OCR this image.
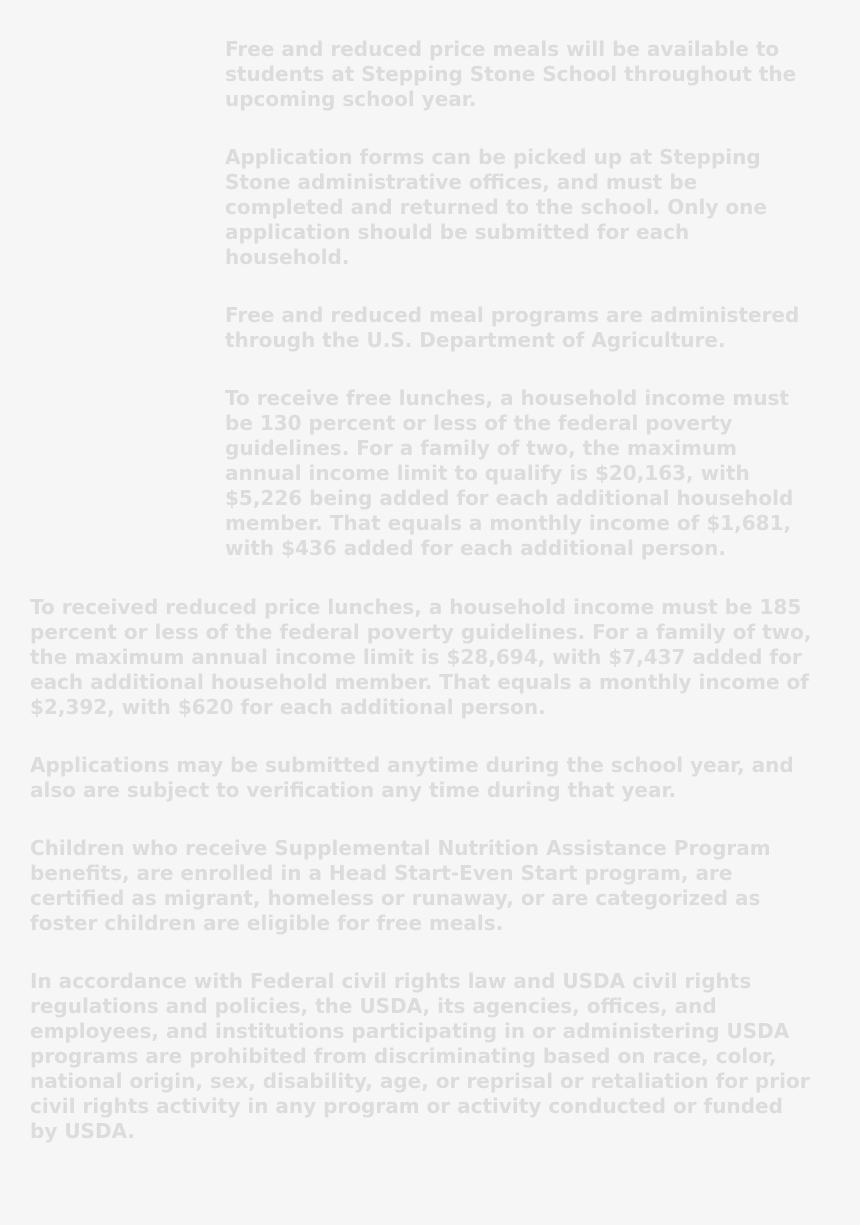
Free and reduced price meals will be available to
students at Stepping Stone School throughout the
upcoming school year.

Application forms can be picked up at Stepping
Stone administrative offices, and must be
completed and returned to the school. Only one
application should be submitted for each
household.

Free and reduced meal programs are administered
through the U.S. Department of Agriculture.

To receive free lunches, a household income must
be 130 percent or less of the federal poverty
guidelines. For a family of two, the maximum
annual income limit to qualify is $20,163, with
$5,226 being added for each additional household
member. That equals a monthly income of $1,681,
with $436 added for each additional person.

To received reduced price lunches, a household income must be 185
percent or less of the federal poverty guidelines. For a family of two,
the maximum annual income limit is $28,694, with $7,437 added for
each additional household member. That equals a monthly income of
$2,392, with $620 for each additional person.

Applications may be submitted anytime during the school year, and
also are subject to verification any time during that year.

Children who receive Supplemental Nutrition Assistance Program
benefits, are enrolled in a Head Start-Even Start program, are
certified as migrant, homeless or runaway, or are categorized as
foster children are eligible for free meals.

In accordance with Federal civil rights law and USDA civil rights
regulations and policies, the USDA, its agencies, offices, and
employees, and institutions participating in or administering USDA
programs are prohibited from discriminating based on race, color,
national origin, sex, disability, age, or reprisal or retaliation for prior
civil rights activity in any program or activity conducted or funded
by USDA.
